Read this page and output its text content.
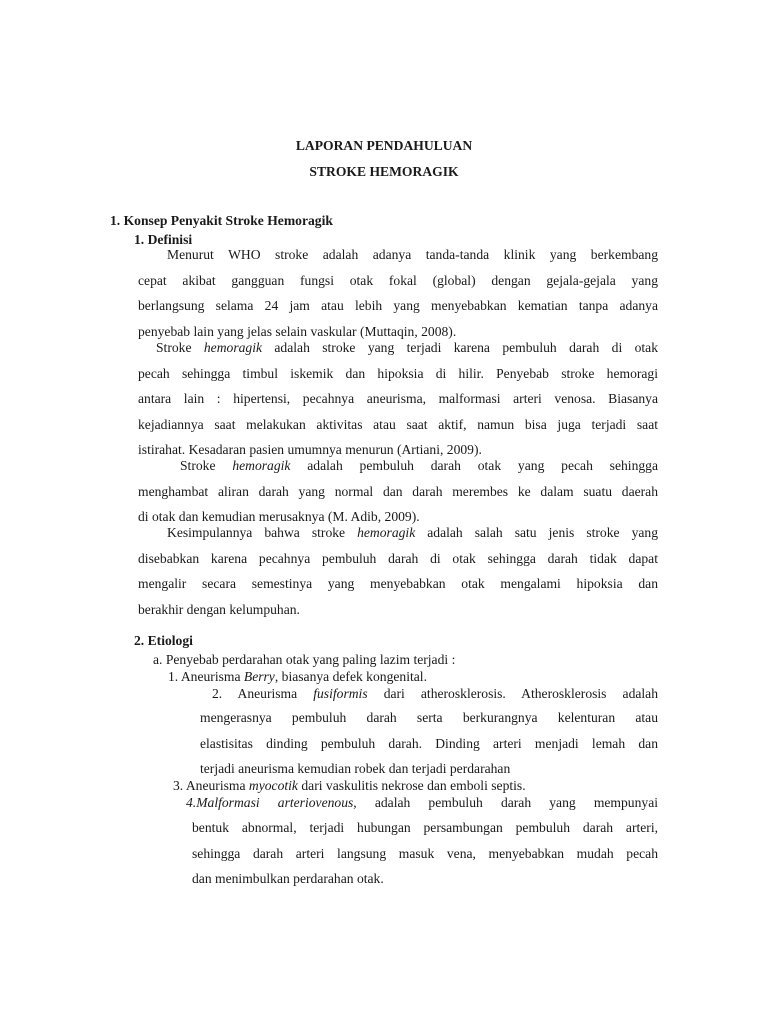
LAPORAN PENDAHULUAN
STROKE HEMORAGIK
1. Konsep Penyakit Stroke Hemoragik
1. Definisi
Menurut WHO stroke adalah adanya tanda-tanda klinik yang berkembang
cepat akibat gangguan fungsi otak fokal (global) dengan gejala-gejala yang
berlangsung selama 24 jam atau lebih yang menyebabkan kematian tanpa adanya
penyebab lain yang jelas selain vaskular (Muttaqin, 2008).
Stroke hemoragik adalah stroke yang terjadi karena pembuluh darah di otak
pecah sehingga timbul iskemik dan hipoksia di hilir. Penyebab stroke hemoragi
antara lain : hipertensi, pecahnya aneurisma, malformasi arteri venosa. Biasanya
kejadiannya saat melakukan aktivitas atau saat aktif, namun bisa juga terjadi saat
istirahat. Kesadaran pasien umumnya menurun (Artiani, 2009).
Stroke hemoragik adalah pembuluh darah otak yang pecah sehingga
menghambat aliran darah yang normal dan darah merembes ke dalam suatu daerah
di otak dan kemudian merusaknya (M. Adib, 2009).
Kesimpulannya bahwa stroke hemoragik adalah salah satu jenis stroke yang
disebabkan karena pecahnya pembuluh darah di otak sehingga darah tidak dapat
mengalir secara semestinya yang menyebabkan otak mengalami hipoksia dan
berakhir dengan kelumpuhan.
2. Etiologi
a. Penyebab perdarahan otak yang paling lazim terjadi :
1. Aneurisma Berry, biasanya defek kongenital.
2. Aneurisma fusiformis dari atherosklerosis. Atherosklerosis adalah
mengerasnya pembuluh darah serta berkurangnya kelenturan atau
elastisitas dinding pembuluh darah. Dinding arteri menjadi lemah dan
terjadi aneurisma kemudian robek dan terjadi perdarahan
3. Aneurisma myocotik dari vaskulitis nekrose dan emboli septis.
4.Malformasi arteriovenous, adalah pembuluh darah yang mempunyai
bentuk abnormal, terjadi hubungan persambungan pembuluh darah arteri,
sehingga darah arteri langsung masuk vena, menyebabkan mudah pecah
dan menimbulkan perdarahan otak.
